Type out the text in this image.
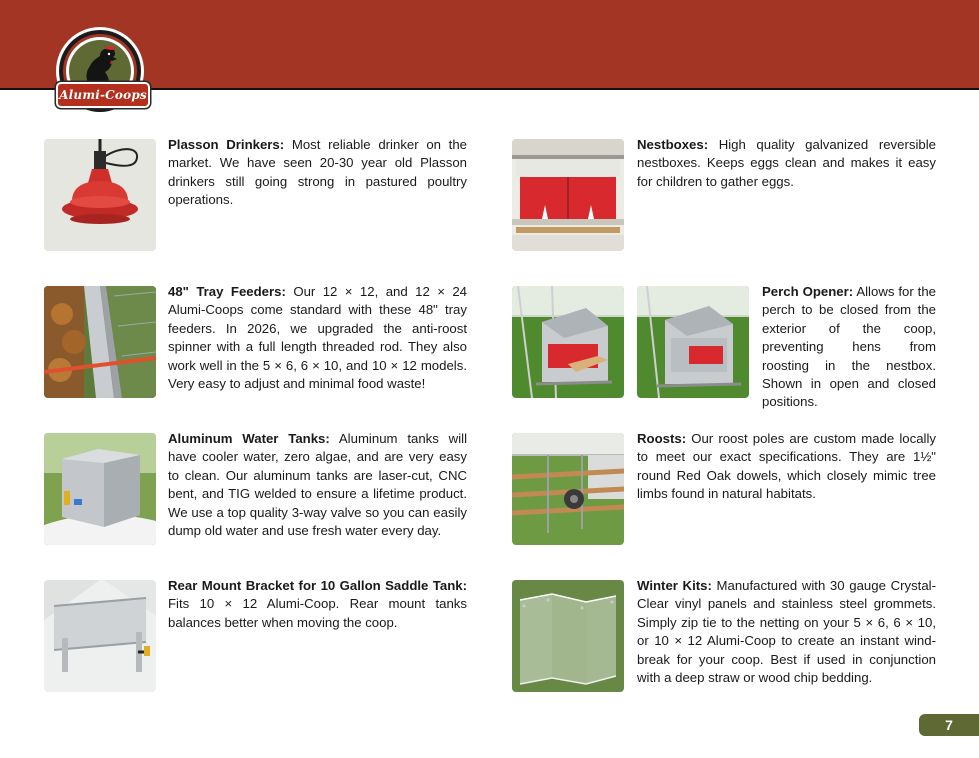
Alumi-Coops
Plasson Drinkers: Most reliable drinker on the market. We have seen 20-30 year old Plasson drinkers still going strong in pastured poultry operations.
Nestboxes: High quality galvanized reversible nestboxes. Keeps eggs clean and makes it easy for children to gather eggs.
48" Tray Feeders: Our 12 × 12, and 12 × 24 Alumi-Coops come standard with these 48" tray feeders. In 2026, we upgraded the anti-roost spinner with a full length threaded rod. They also work well in the 5 × 6, 6 × 10, and 10 × 12 models. Very easy to adjust and minimal food waste!
Perch Opener: Allows for the perch to be closed from the exterior of the coop, preventing hens from roosting in the nestbox. Shown in open and closed positions.
Aluminum Water Tanks: Aluminum tanks will have cooler water, zero algae, and are very easy to clean. Our aluminum tanks are laser-cut, CNC bent, and TIG welded to ensure a lifetime product. We use a top quality 3-way valve so you can easily dump old water and use fresh water every day.
Roosts: Our roost poles are custom made locally to meet our exact specifications. They are 1½" round Red Oak dowels, which closely mimic tree limbs found in natural habitats.
Rear Mount Bracket for 10 Gallon Saddle Tank: Fits 10 × 12 Alumi-Coop. Rear mount tanks balances better when moving the coop.
Winter Kits: Manufactured with 30 gauge Crystal-Clear vinyl panels and stainless steel grommets. Simply zip tie to the netting on your 5 × 6, 6 × 10, or 10 × 12 Alumi-Coop to create an instant wind-break for your coop. Best if used in conjunction with a deep straw or wood chip bedding.
7
